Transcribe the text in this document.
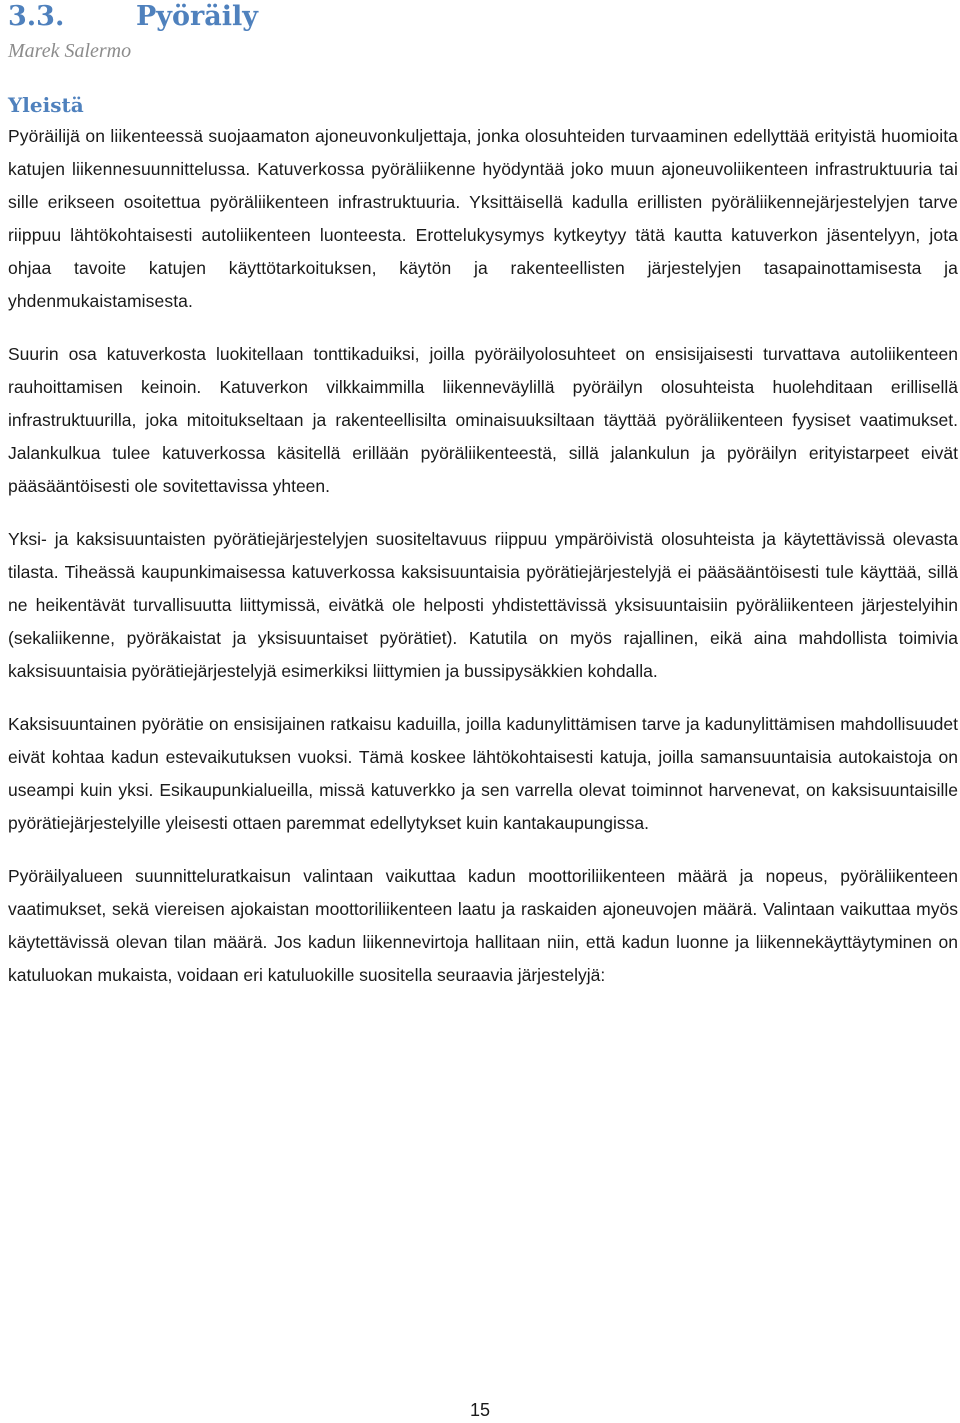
3.3.	Pyöräily
Marek Salermo
Yleistä

Pyöräilijä on liikenteessä suojaamaton ajoneuvonkuljettaja, jonka olosuhteiden turvaaminen edellyttää erityistä huomioita katujen liikennesuunnittelussa. Katuverkossa pyöräliikenne hyödyntää joko muun ajoneuvoliikenteen infrastruktuuria tai sille erikseen osoitettua pyöräliikenteen infrastruktuuria. Yksittäisellä kadulla erillisten pyöräliikennejärjestelyjen tarve riippuu lähtökohtaisesti autoliikenteen luonteesta. Erottelukysymys kytkeytyy tätä kautta katuverkon jäsentelyyn, jota ohjaa tavoite katujen käyttötarkoituksen, käytön ja rakenteellisten järjestelyjen tasapainottamisesta ja yhdenmukaistamisesta.

Suurin osa katuverkosta luokitellaan tonttikaduiksi, joilla pyöräilyolosuhteet on ensisijaisesti turvattava autoliikenteen rauhoittamisen keinoin. Katuverkon vilkkaimmilla liikenneväylillä pyöräilyn olosuhteista huolehditaan erillisellä infrastruktuurilla, joka mitoitukseltaan ja rakenteellisilta ominaisuuksiltaan täyttää pyöräliikenteen fyysiset vaatimukset. Jalankulkua tulee katuverkossa käsitellä erillään pyöräliikenteestä, sillä jalankulun ja pyöräilyn erityistarpeet eivät pääsääntöisesti ole sovitettavissa yhteen.

Yksi- ja kaksisuuntaisten pyörätiejärjestelyjen suositeltavuus riippuu ympäröivistä olosuhteista ja käytettävissä olevasta tilasta. Tiheässä kaupunkimaisessa katuverkossa kaksisuuntaisia pyörätiejärjestelyjä ei pääsääntöisesti tule käyttää, sillä ne heikentävät turvallisuutta liittymissä, eivätkä ole helposti yhdistettävissä yksisuuntaisiin pyöräliikenteen järjestelyihin (sekaliikenne, pyöräkaistat ja yksisuuntaiset pyörätiet). Katutila on myös rajallinen, eikä aina mahdollista toimivia kaksisuuntaisia pyörätiejärjestelyjä esimerkiksi liittymien ja bussipysäkkien kohdalla.

Kaksisuuntainen pyörätie on ensisijainen ratkaisu kaduilla, joilla kadunylittämisen tarve ja kadunylittämisen mahdollisuudet eivät kohtaa kadun estevaikutuksen vuoksi. Tämä koskee lähtökohtaisesti katuja, joilla samansuuntaisia autokaistoja on useampi kuin yksi. Esikaupunkialueilla, missä katuverkko ja sen varrella olevat toiminnot harvenevat, on kaksisuuntaisille pyörätiejärjestelyille yleisesti ottaen paremmat edellytykset kuin kantakaupungissa.

Pyöräilyalueen suunnitteluratkaisun valintaan vaikuttaa kadun moottoriliikenteen määrä ja nopeus, pyöräliikenteen vaatimukset, sekä viereisen ajokaistan moottoriliikenteen laatu ja raskaiden ajoneuvojen määrä. Valintaan vaikuttaa myös käytettävissä olevan tilan määrä. Jos kadun liikennevirtoja hallitaan niin, että kadun luonne ja liikennekäyttäytyminen on katuluokan mukaista, voidaan eri katuluokille suositella seuraavia järjestelyjä:

15
